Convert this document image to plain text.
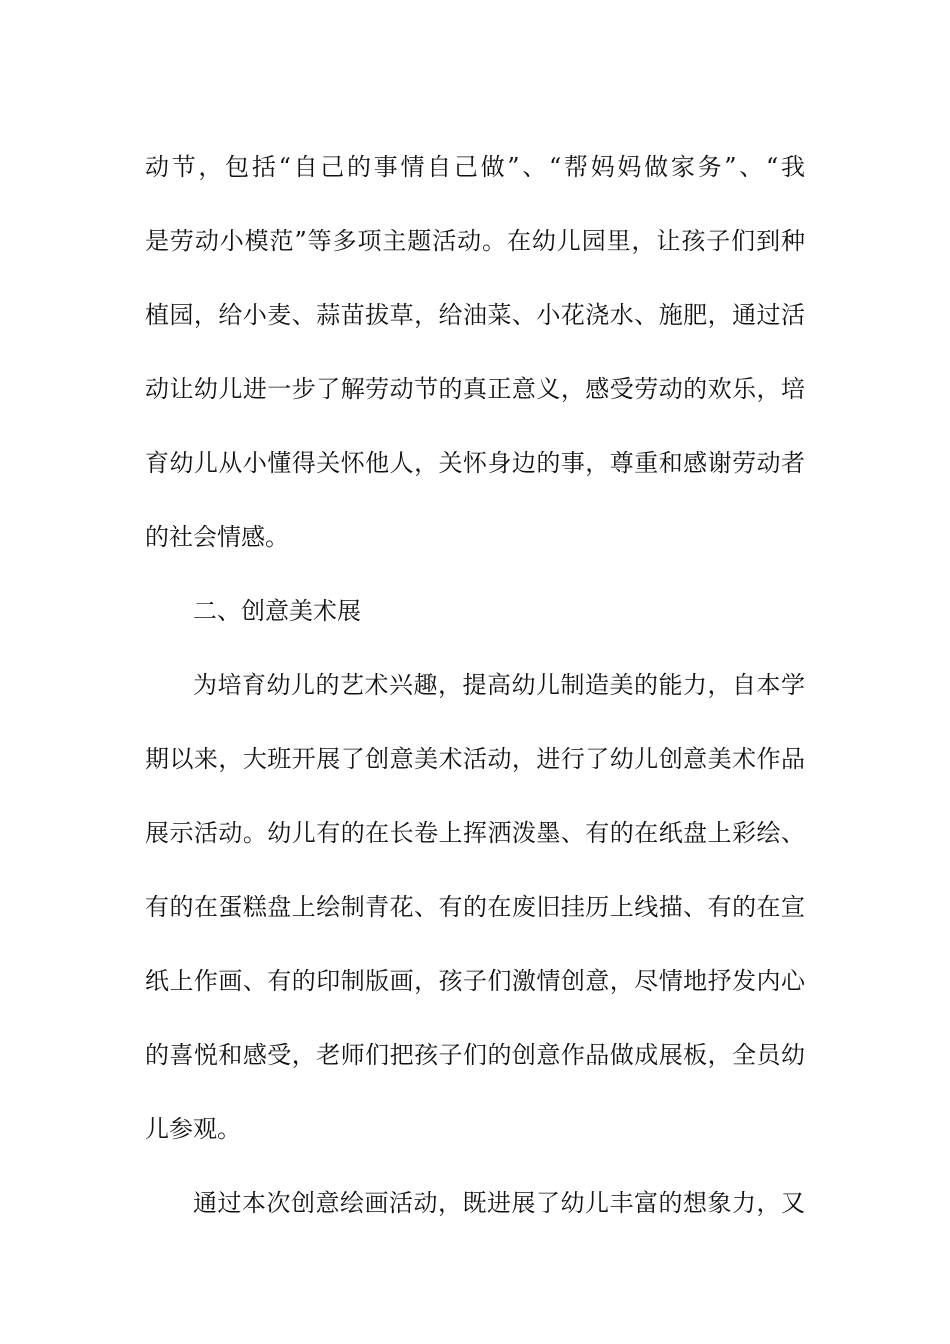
动节，包括“自己的事情自己做”、“帮妈妈做家务”、“我
是劳动小模范”等多项主题活动。在幼儿园里，让孩子们到种
植园，给小麦、蒜苗拔草，给油菜、小花浇水、施肥，通过活
动让幼儿进一步了解劳动节的真正意义，感受劳动的欢乐，培
育幼儿从小懂得关怀他人，关怀身边的事，尊重和感谢劳动者
的社会情感。
二、创意美术展
为培育幼儿的艺术兴趣，提高幼儿制造美的能力，自本学
期以来，大班开展了创意美术活动，进行了幼儿创意美术作品
展示活动。幼儿有的在长卷上挥洒泼墨、有的在纸盘上彩绘、
有的在蛋糕盘上绘制青花、有的在废旧挂历上线描、有的在宣
纸上作画、有的印制版画，孩子们激情创意，尽情地抒发内心
的喜悦和感受，老师们把孩子们的创意作品做成展板，全员幼
儿参观。
通过本次创意绘画活动，既进展了幼儿丰富的想象力，又
